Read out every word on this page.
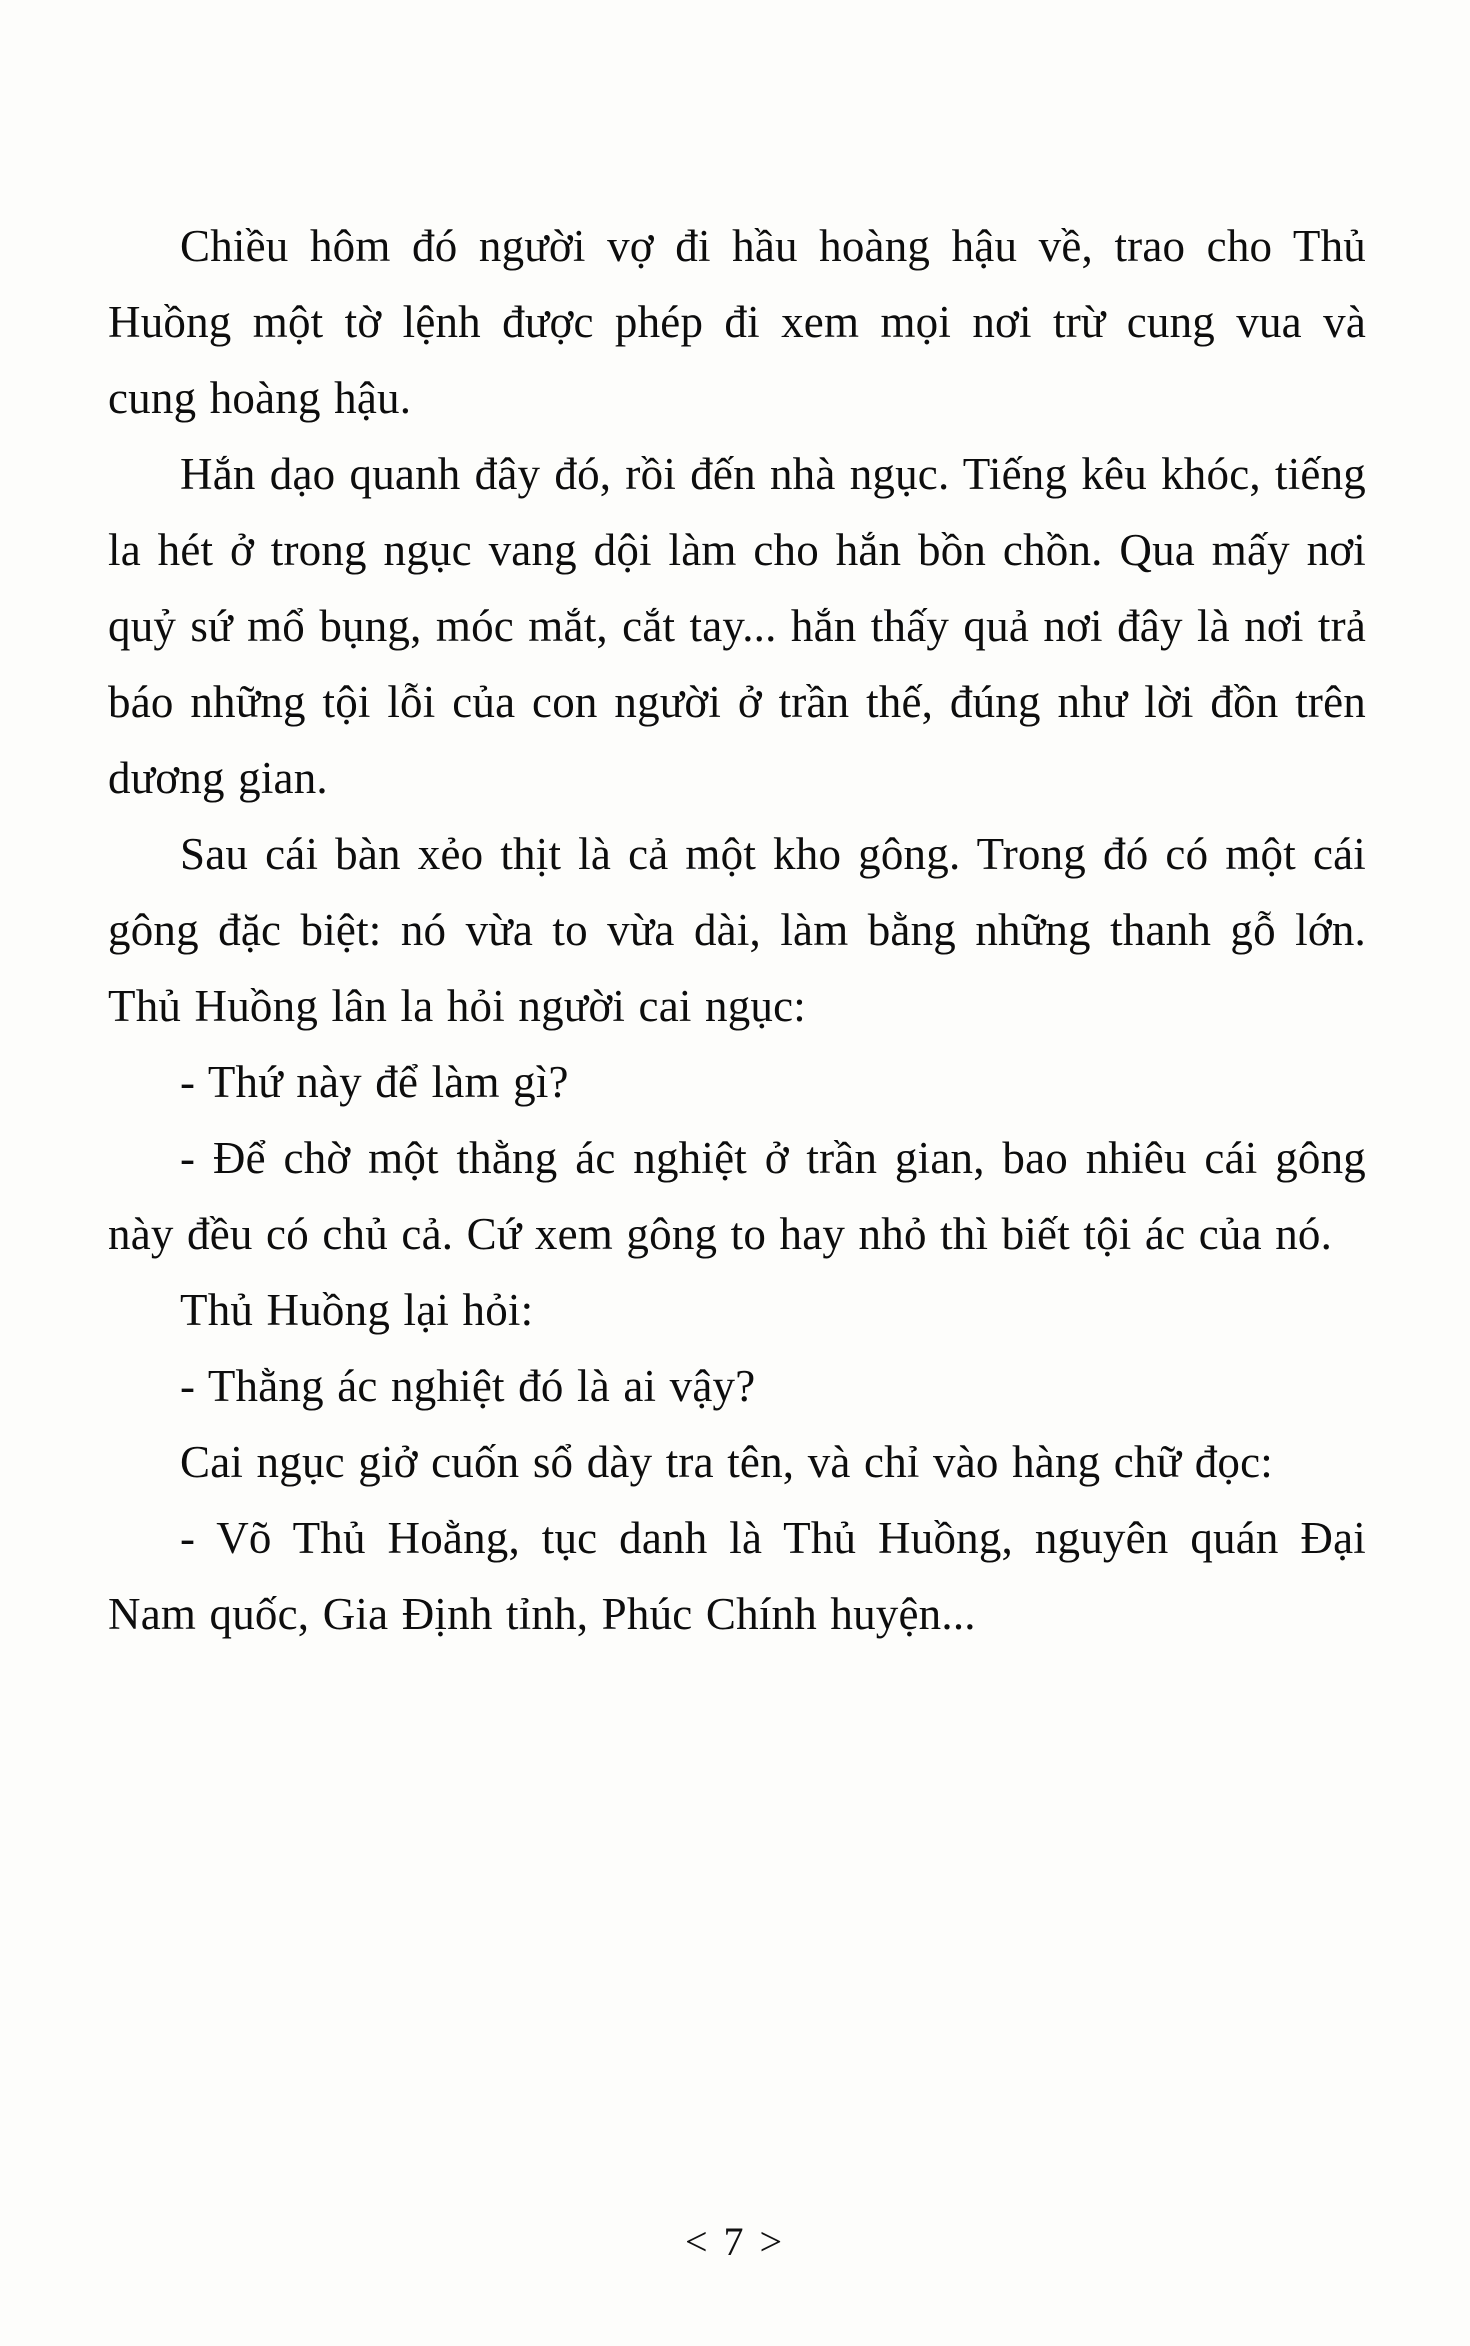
Chiều hôm đó người vợ đi hầu hoàng hậu về, trao cho Thủ Huồng một tờ lệnh được phép đi xem mọi nơi trừ cung vua và cung hoàng hậu.

Hắn dạo quanh đây đó, rồi đến nhà ngục. Tiếng kêu khóc, tiếng la hét ở trong ngục vang dội làm cho hắn bồn chồn. Qua mấy nơi quỷ sứ mổ bụng, móc mắt, cắt tay... hắn thấy quả nơi đây là nơi trả báo những tội lỗi của con người ở trần thế, đúng như lời đồn trên dương gian.

Sau cái bàn xẻo thịt là cả một kho gông. Trong đó có một cái gông đặc biệt: nó vừa to vừa dài, làm bằng những thanh gỗ lớn. Thủ Huồng lân la hỏi người cai ngục:

- Thứ này để làm gì?

- Để chờ một thằng ác nghiệt ở trần gian, bao nhiêu cái gông này đều có chủ cả. Cứ xem gông to hay nhỏ thì biết tội ác của nó.

Thủ Huồng lại hỏi:

- Thằng ác nghiệt đó là ai vậy?

Cai ngục giở cuốn sổ dày tra tên, và chỉ vào hàng chữ đọc:

- Võ Thủ Hoằng, tục danh là Thủ Huồng, nguyên quán Đại Nam quốc, Gia Định tỉnh, Phúc Chính huyện...

< 7 >
